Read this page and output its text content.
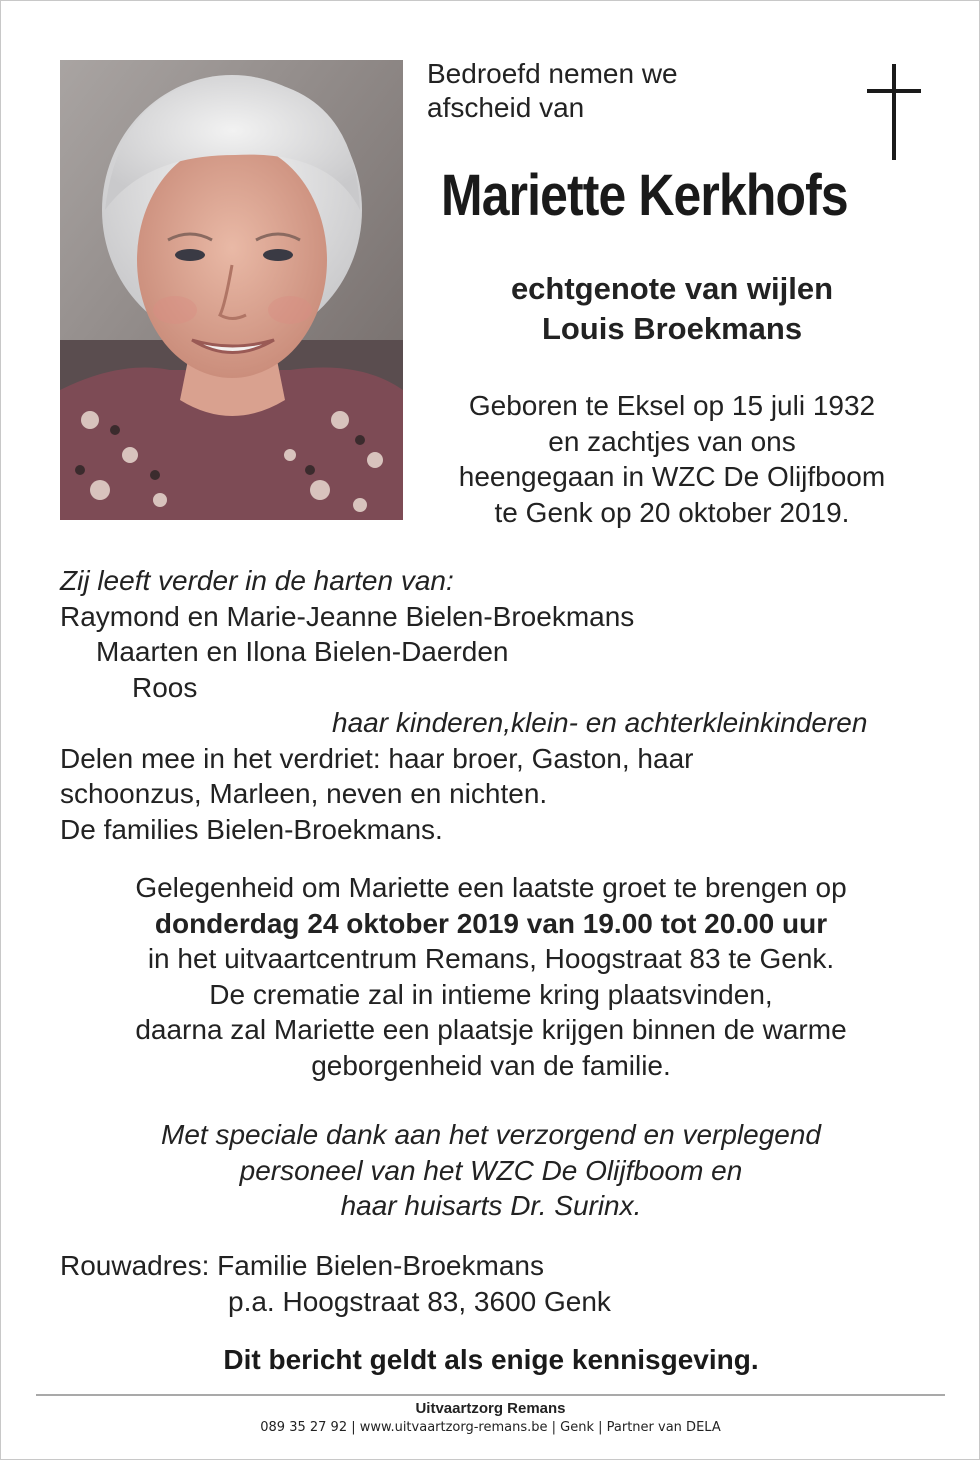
Bedroefd nemen we
afscheid van
Mariette Kerkhofs
echtgenote van wijlen
Louis Broekmans
Geboren te Eksel op 15 juli 1932
en zachtjes van ons
heengegaan in WZC De Olijfboom
te Genk op 20 oktober 2019.
Zij leeft verder in de harten van:
Raymond en Marie-Jeanne Bielen-Broekmans
Maarten en Ilona Bielen-Daerden
Roos
haar kinderen,klein- en achterkleinkinderen
Delen mee in het verdriet: haar broer, Gaston, haar
schoonzus, Marleen, neven en nichten.
De families Bielen-Broekmans.
Gelegenheid om Mariette een laatste groet te brengen op
donderdag 24 oktober 2019 van 19.00 tot 20.00 uur
in het uitvaartcentrum Remans, Hoogstraat 83 te Genk.
De crematie zal in intieme kring plaatsvinden,
daarna zal Mariette een plaatsje krijgen binnen de warme
geborgenheid van de familie.
Met speciale dank aan het verzorgend en verplegend
personeel van het WZC De Olijfboom en
haar huisarts Dr. Surinx.
Rouwadres: Familie Bielen-Broekmans
p.a. Hoogstraat 83, 3600 Genk
Dit bericht geldt als enige kennisgeving.
Uitvaartzorg Remans
089 35 27 92 | www.uitvaartzorg-remans.be | Genk | Partner van DELA
